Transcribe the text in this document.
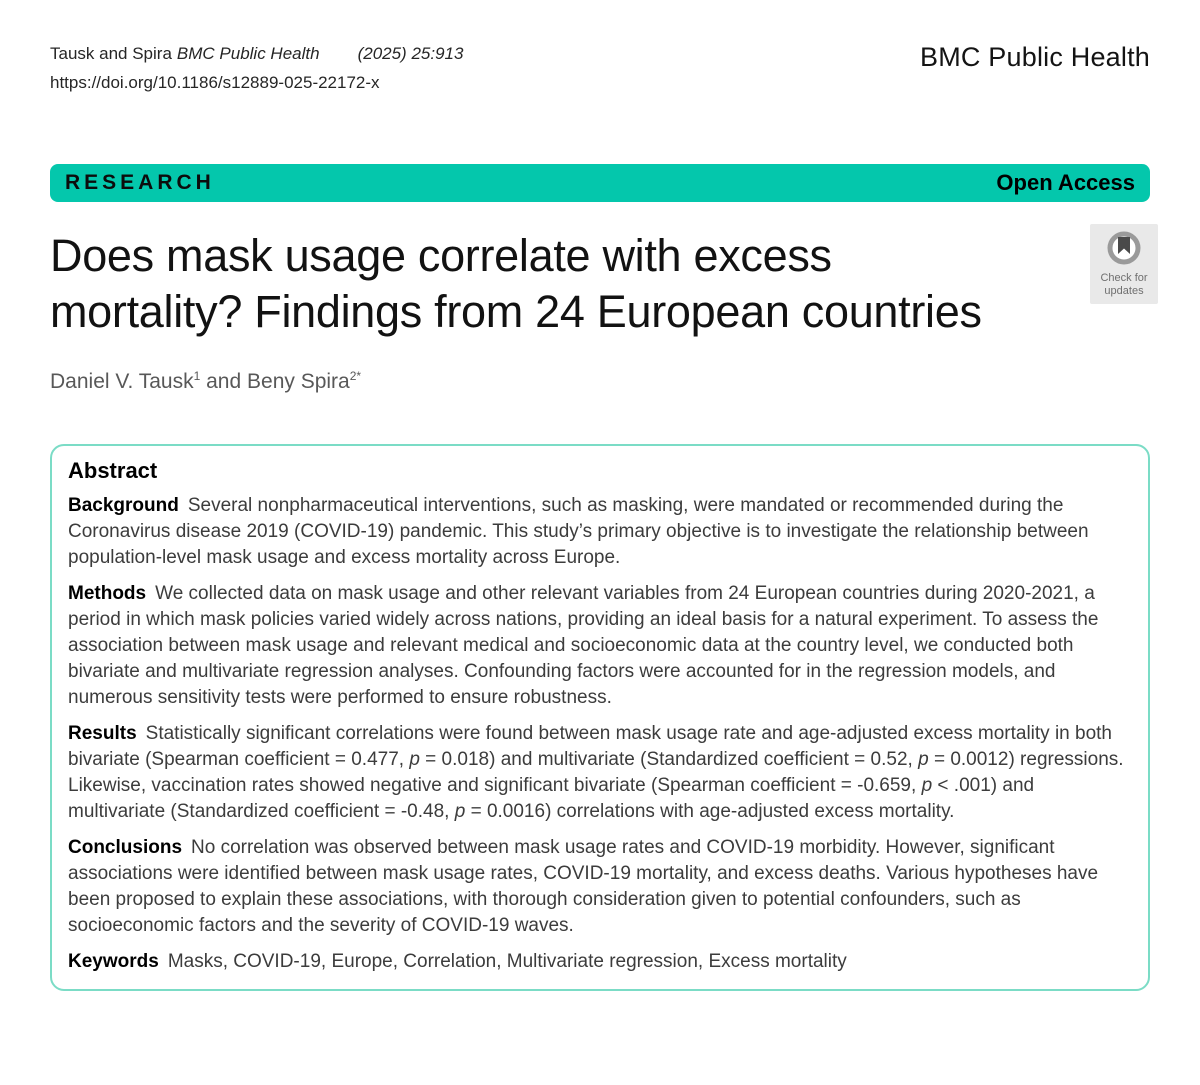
Tausk and Spira BMC Public Health (2025) 25:913
https://doi.org/10.1186/s12889-025-22172-x
BMC Public Health
RESEARCH	Open Access
Does mask usage correlate with excess
mortality? Findings from 24 European countries
Check for
updates
Daniel V. Tausk$^1$ and Beny Spira$^{2*}$
Abstract

Background Several nonpharmaceutical interventions, such as masking, were mandated or recommended during the Coronavirus disease 2019 (COVID-19) pandemic. This study’s primary objective is to investigate the relationship between population-level mask usage and excess mortality across Europe.

Methods We collected data on mask usage and other relevant variables from 24 European countries during 2020-2021, a period in which mask policies varied widely across nations, providing an ideal basis for a natural experiment. To assess the association between mask usage and relevant medical and socioeconomic data at the country level, we conducted both bivariate and multivariate regression analyses. Confounding factors were accounted for in the regression models, and numerous sensitivity tests were performed to ensure robustness.

Results Statistically significant correlations were found between mask usage rate and age-adjusted excess mortality in both bivariate (Spearman coefficient = 0.477, p = 0.018) and multivariate (Standardized coefficient = 0.52, p = 0.0012) regressions. Likewise, vaccination rates showed negative and significant bivariate (Spearman coefficient = -0.659, p < .001) and multivariate (Standardized coefficient = -0.48, p = 0.0016) correlations with age-adjusted excess mortality.

Conclusions No correlation was observed between mask usage rates and COVID-19 morbidity. However, significant associations were identified between mask usage rates, COVID-19 mortality, and excess deaths. Various hypotheses have been proposed to explain these associations, with thorough consideration given to potential confounders, such as socioeconomic factors and the severity of COVID-19 waves.

Keywords Masks, COVID-19, Europe, Correlation, Multivariate regression, Excess mortality
